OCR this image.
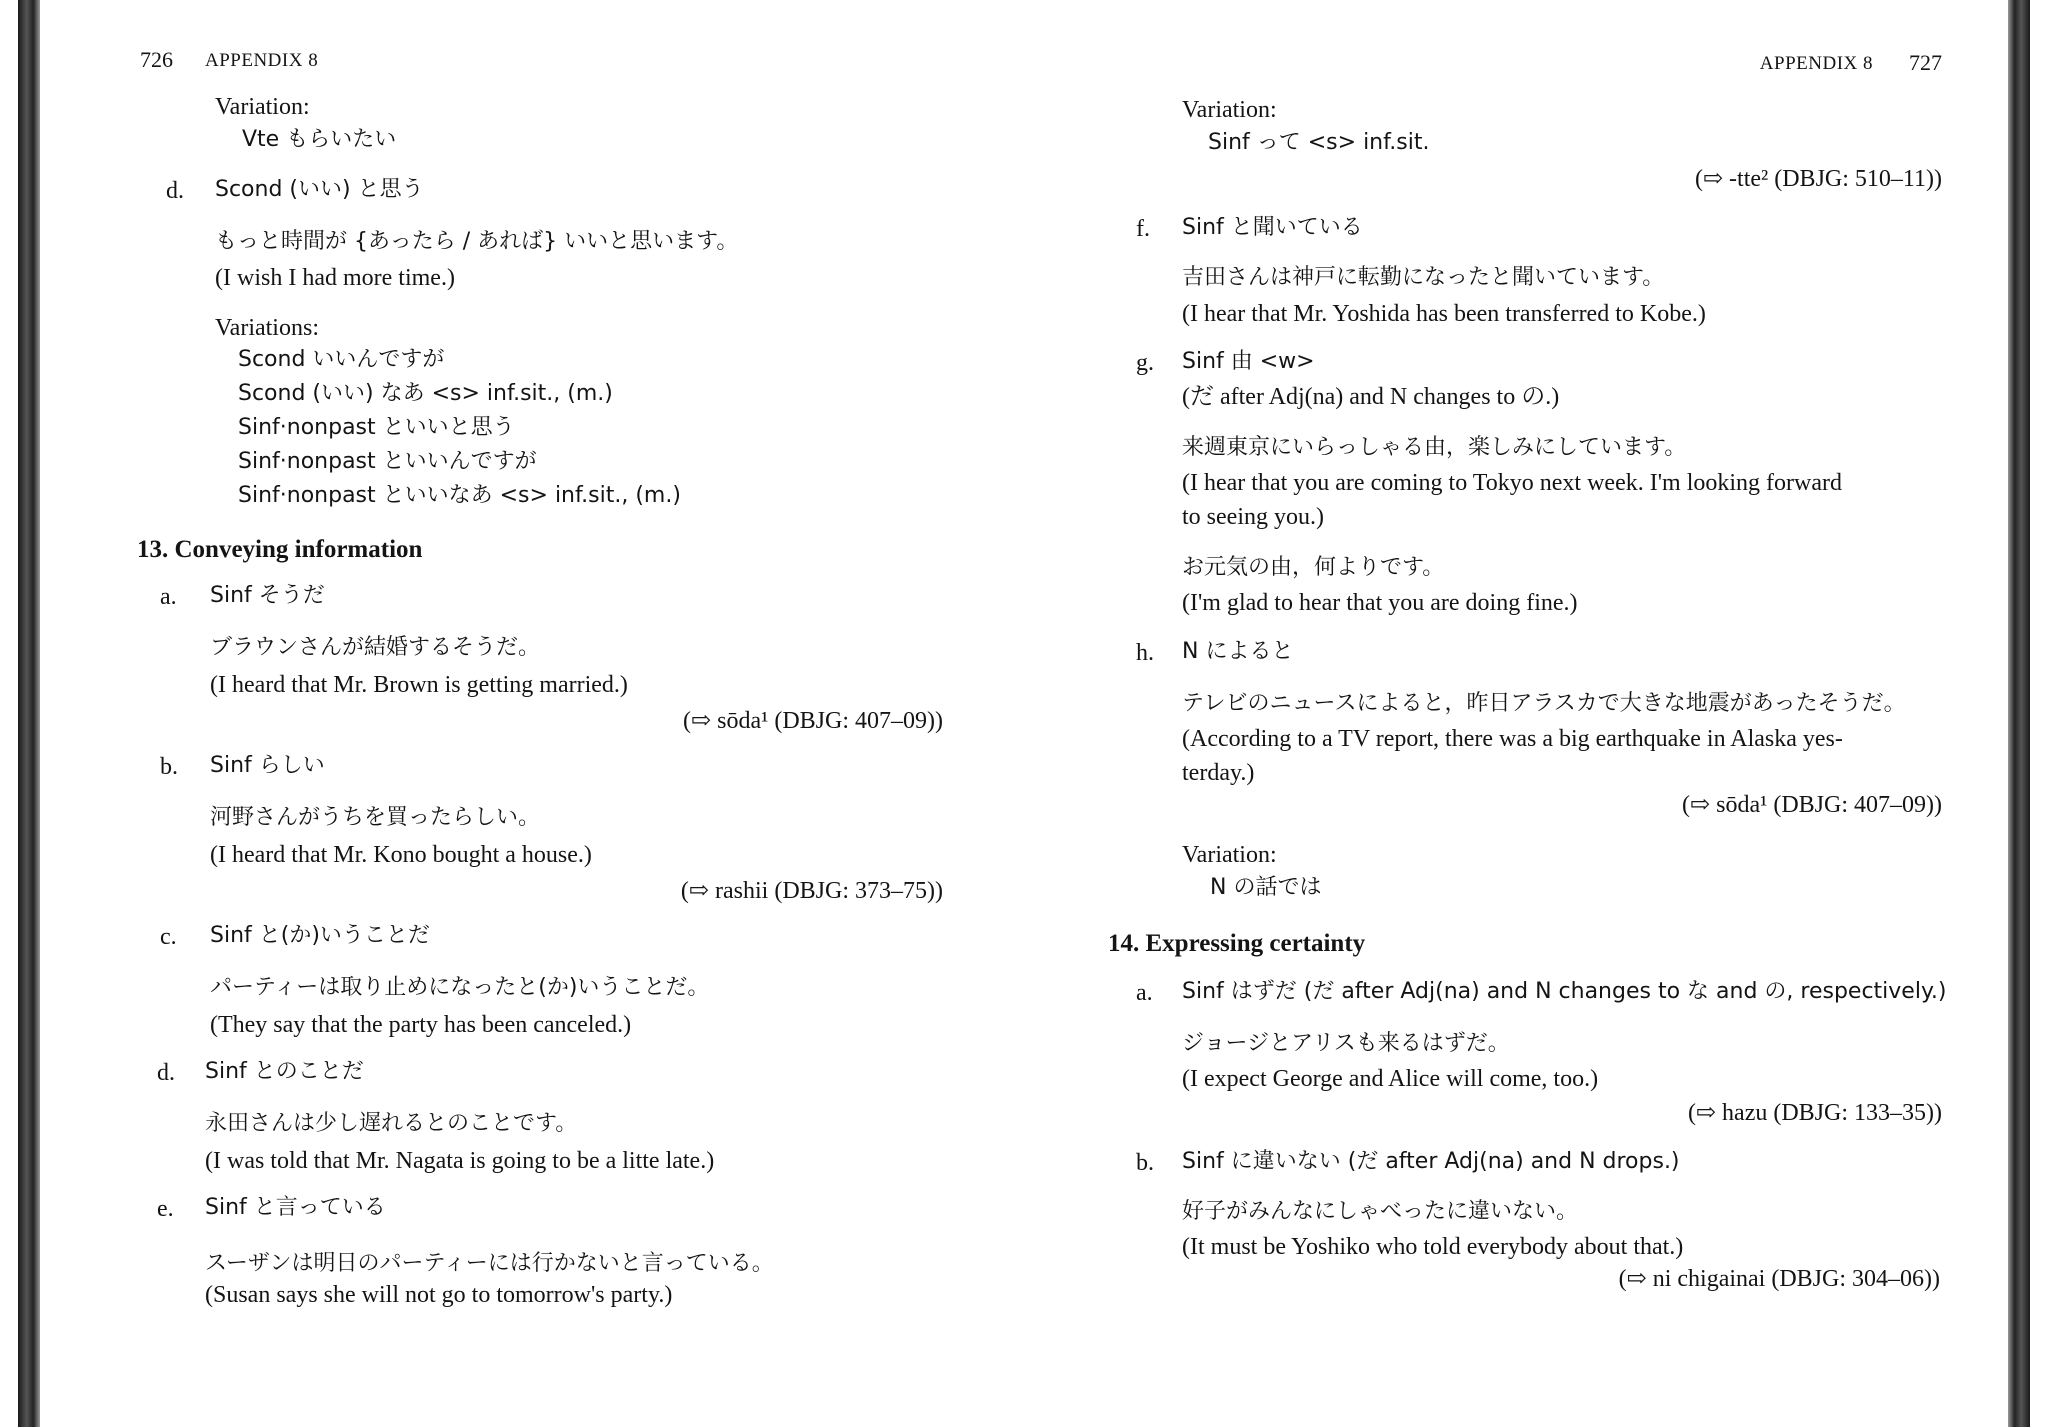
726 APPENDIX 8
Variation:
Vte もらいたい
d. Scond (いい) と思う
もっと時間が {あったら / あれば} いいと思います。
(I wish I had more time.)
Variations:
Scond いいんですが
Scond (いい) なあ <s> inf.sit., (m.)
Sinf·nonpast といいと思う
Sinf·nonpast といいんですが
Sinf·nonpast といいなあ <s> inf.sit., (m.)
13. Conveying information
a. Sinf そうだ
ブラウンさんが結婚するそうだ。
(I heard that Mr. Brown is getting married.)
(⇨ sōda¹ (DBJG: 407–09))
b. Sinf らしい
河野さんがうちを買ったらしい。
(I heard that Mr. Kono bought a house.)
(⇨ rashii (DBJG: 373–75))
c. Sinf と(か)いうことだ
パーティーは取り止めになったと(か)いうことだ。
(They say that the party has been canceled.)
d. Sinf とのことだ
永田さんは少し遅れるとのことです。
(I was told that Mr. Nagata is going to be a litte late.)
e. Sinf と言っている
スーザンは明日のパーティーには行かないと言っている。
(Susan says she will not go to tomorrow's party.)
APPENDIX 8 727
Variation:
Sinf って <s> inf.sit.
(⇨ -tte² (DBJG: 510–11))
f. Sinf と聞いている
吉田さんは神戸に転勤になったと聞いています。
(I hear that Mr. Yoshida has been transferred to Kobe.)
g. Sinf 由 <w>
(だ after Adj(na) and N changes to の.)
来週東京にいらっしゃる由，楽しみにしています。
(I hear that you are coming to Tokyo next week. I'm looking forward
to seeing you.)
お元気の由，何よりです。
(I'm glad to hear that you are doing fine.)
h. N によると
テレビのニュースによると，昨日アラスカで大きな地震があったそうだ。
(According to a TV report, there was a big earthquake in Alaska yes-
terday.)
(⇨ sōda¹ (DBJG: 407–09))
Variation:
N の話では
14. Expressing certainty
a. Sinf はずだ (だ after Adj(na) and N changes to な and の, respectively.)
ジョージとアリスも来るはずだ。
(I expect George and Alice will come, too.)
(⇨ hazu (DBJG: 133–35))
b. Sinf に違いない (だ after Adj(na) and N drops.)
好子がみんなにしゃべったに違いない。
(It must be Yoshiko who told everybody about that.)
(⇨ ni chigainai (DBJG: 304–06))
